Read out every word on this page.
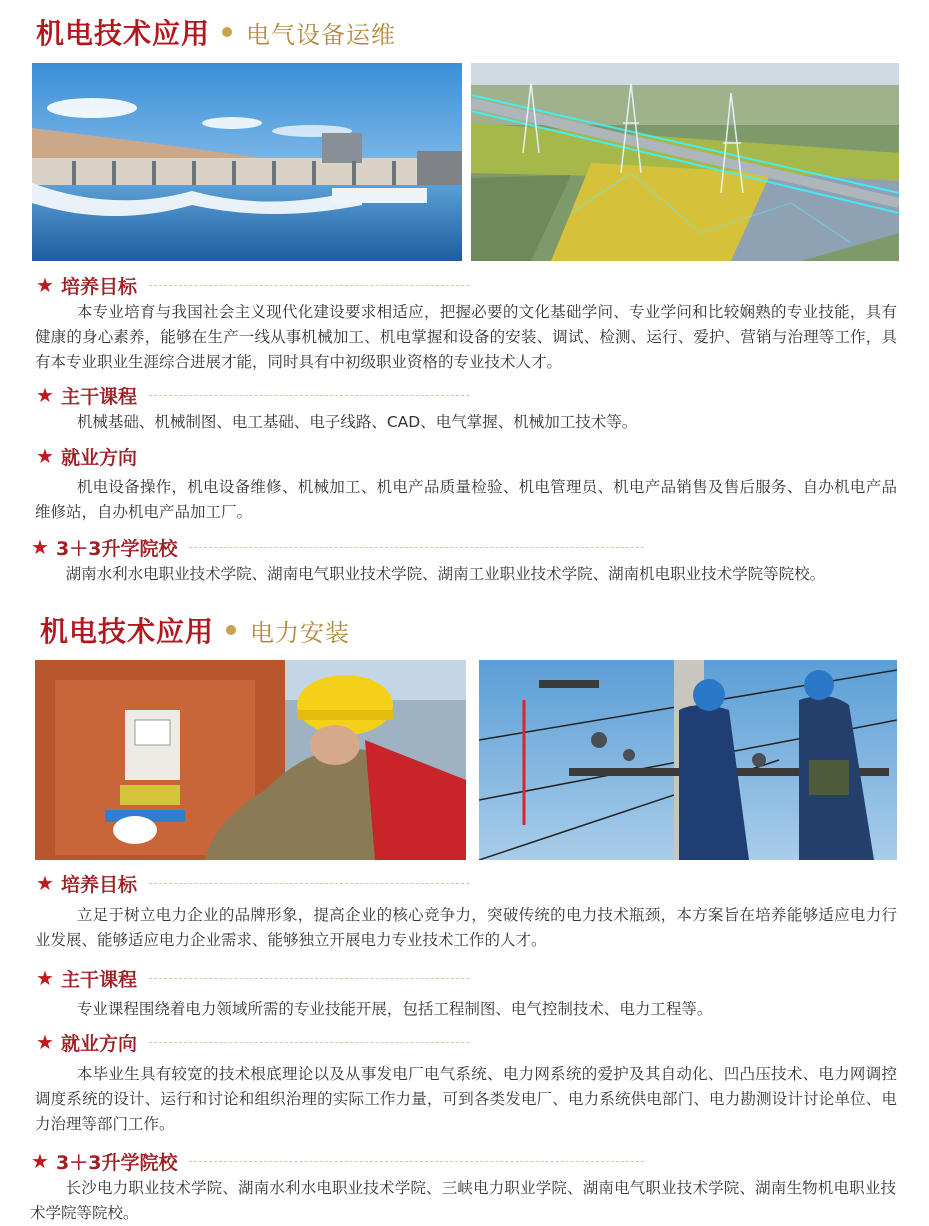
机电技术应用 电气设备运维
★ 培养目标
本专业培育与我国社会主义现代化建设要求相适应，把握必要的文化基础学问、专业学问和比较娴熟的专业技能，具有健康的身心素养，能够在生产一线从事机械加工、机电掌握和设备的安装、调试、检测、运行、爱护、营销与治理等工作，具有本专业职业生涯综合进展才能，同时具有中初级职业资格的专业技术人才。
★ 主干课程
机械基础、机械制图、电工基础、电子线路、CAD、电气掌握、机械加工技术等。
★ 就业方向
机电设备操作，机电设备维修、机械加工、机电产品质量检验、机电管理员、机电产品销售及售后服务、自办机电产品维修站，自办机电产品加工厂。
★ 3＋3升学院校
湖南水利水电职业技术学院、湖南电气职业技术学院、湖南工业职业技术学院、湖南机电职业技术学院等院校。
机电技术应用 电力安装
★ 培养目标
立足于树立电力企业的品牌形象，提高企业的核心竞争力，突破传统的电力技术瓶颈，本方案旨在培养能够适应电力行业发展、能够适应电力企业需求、能够独立开展电力专业技术工作的人才。
★ 主干课程
专业课程围绕着电力领域所需的专业技能开展，包括工程制图、电气控制技术、电力工程等。
★ 就业方向
本毕业生具有较宽的技术根底理论以及从事发电厂电气系统、电力网系统的爱护及其自动化、凹凸压技术、电力网调控调度系统的设计、运行和讨论和组织治理的实际工作力量，可到各类发电厂、电力系统供电部门、电力勘测设计讨论单位、电力治理等部门工作。
★ 3＋3升学院校
长沙电力职业技术学院、湖南水利水电职业技术学院、三峡电力职业学院、湖南电气职业技术学院、湖南生物机电职业技术学院等院校。
